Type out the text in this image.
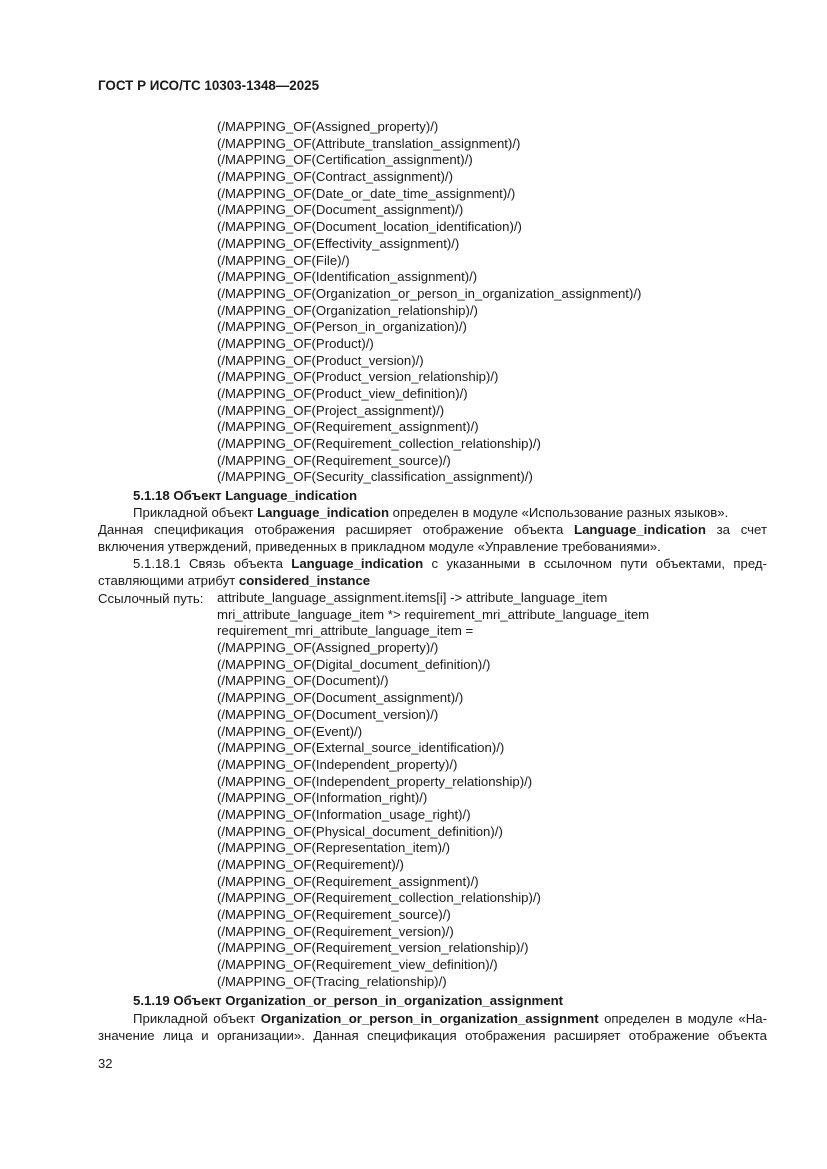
ГОСТ Р ИСО/ТС 10303-1348—2025
(/MAPPING_OF(Assigned_property)/)
(/MAPPING_OF(Attribute_translation_assignment)/)
(/MAPPING_OF(Certification_assignment)/)
(/MAPPING_OF(Contract_assignment)/)
(/MAPPING_OF(Date_or_date_time_assignment)/)
(/MAPPING_OF(Document_assignment)/)
(/MAPPING_OF(Document_location_identification)/)
(/MAPPING_OF(Effectivity_assignment)/)
(/MAPPING_OF(File)/)
(/MAPPING_OF(Identification_assignment)/)
(/MAPPING_OF(Organization_or_person_in_organization_assignment)/)
(/MAPPING_OF(Organization_relationship)/)
(/MAPPING_OF(Person_in_organization)/)
(/MAPPING_OF(Product)/)
(/MAPPING_OF(Product_version)/)
(/MAPPING_OF(Product_version_relationship)/)
(/MAPPING_OF(Product_view_definition)/)
(/MAPPING_OF(Project_assignment)/)
(/MAPPING_OF(Requirement_assignment)/)
(/MAPPING_OF(Requirement_collection_relationship)/)
(/MAPPING_OF(Requirement_source)/)
(/MAPPING_OF(Security_classification_assignment)/)
5.1.18 Объект Language_indication
Прикладной объект Language_indication определен в модуле «Использование разных языков».
Данная спецификация отображения расширяет отображение объекта Language_indication за счет
включения утверждений, приведенных в прикладном модуле «Управление требованиями».
5.1.18.1 Связь объекта Language_indication с указанными в ссылочном пути объектами, пред-
ставляющими атрибут considered_instance
Ссылочный путь: attribute_language_assignment.items[i] -> attribute_language_item
mri_attribute_language_item *> requirement_mri_attribute_language_item
requirement_mri_attribute_language_item =
(/MAPPING_OF(Assigned_property)/)
(/MAPPING_OF(Digital_document_definition)/)
(/MAPPING_OF(Document)/)
(/MAPPING_OF(Document_assignment)/)
(/MAPPING_OF(Document_version)/)
(/MAPPING_OF(Event)/)
(/MAPPING_OF(External_source_identification)/)
(/MAPPING_OF(Independent_property)/)
(/MAPPING_OF(Independent_property_relationship)/)
(/MAPPING_OF(Information_right)/)
(/MAPPING_OF(Information_usage_right)/)
(/MAPPING_OF(Physical_document_definition)/)
(/MAPPING_OF(Representation_item)/)
(/MAPPING_OF(Requirement)/)
(/MAPPING_OF(Requirement_assignment)/)
(/MAPPING_OF(Requirement_collection_relationship)/)
(/MAPPING_OF(Requirement_source)/)
(/MAPPING_OF(Requirement_version)/)
(/MAPPING_OF(Requirement_version_relationship)/)
(/MAPPING_OF(Requirement_view_definition)/)
(/MAPPING_OF(Tracing_relationship)/)
5.1.19 Объект Organization_or_person_in_organization_assignment
Прикладной объект Organization_or_person_in_organization_assignment определен в модуле «На-
значение лица и организации». Данная спецификация отображения расширяет отображение объекта
32
